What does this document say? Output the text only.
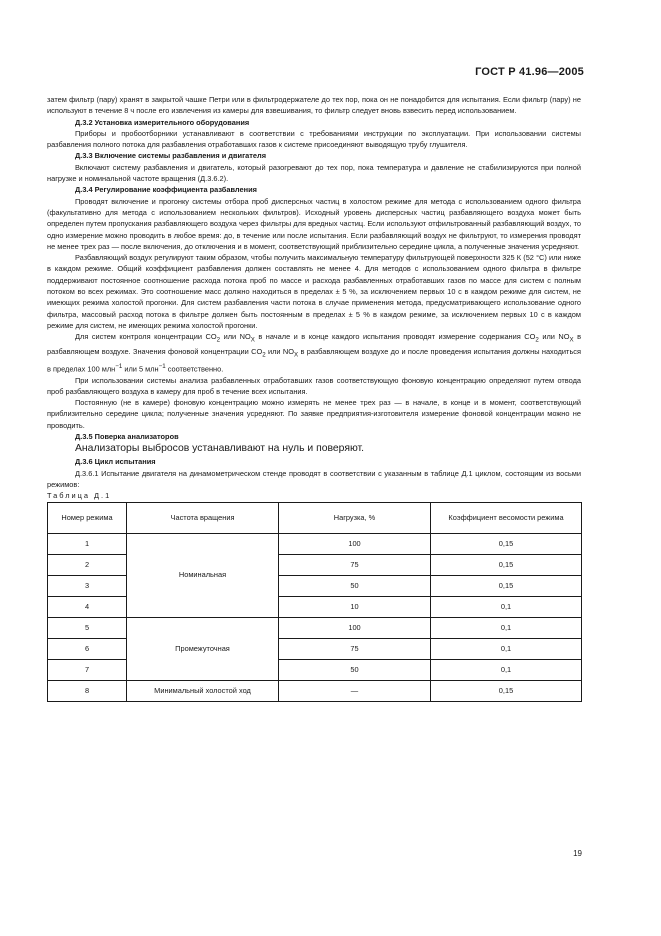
ГОСТ Р 41.96—2005

затем фильтр (пару) хранят в закрытой чашке Петри или в фильтродержателе до тех пор, пока он не понадобится для испытания. Если фильтр (пару) не используют в течение 8 ч после его извлечения из камеры для взвешивания, то фильтр следует вновь взвесить перед использованием.

Д.3.2 Установка измерительного оборудования

Приборы и пробоотборники устанавливают в соответствии с требованиями инструкции по эксплуатации. При использовании системы разбавления полного потока для разбавления отработавших газов к системе присоединяют выводящую трубу глушителя.

Д.3.3 Включение системы разбавления и двигателя

Включают систему разбавления и двигатель, который разогревают до тех пор, пока температура и давление не стабилизируются при полной нагрузке и номинальной частоте вращения (Д.3.6.2).

Д.3.4 Регулирование коэффициента разбавления

Проводят включение и прогонку системы отбора проб дисперсных частиц в холостом режиме для метода с использованием одного фильтра (факультативно для метода с использованием нескольких фильтров). Исходный уровень дисперсных частиц разбавляющего воздуха может быть определен путем пропускания разбавляющего воздуха через фильтры для вредных частиц. Если используют отфильтрованный разбавляющий воздух, то одно измерение можно проводить в любое время: до, в течение или после испытания. Если разбавляющий воздух не фильтруют, то измерения проводят не менее трех раз — после включения, до отключения и в момент, соответствующий приблизительно середине цикла, а полученные значения усредняют.

Разбавляющий воздух регулируют таким образом, чтобы получить максимальную температуру фильтрующей поверхности 325 К (52 °С) или ниже в каждом режиме. Общий коэффициент разбавления должен составлять не менее 4. Для методов с использованием одного фильтра в фильтре поддерживают постоянное соотношение расхода потока проб по массе и расхода разбавленных отработавших газов по массе для систем с полным потоком во всех режимах. Это соотношение масс должно находиться в пределах ± 5 %, за исключением первых 10 с в каждом режиме для систем, не имеющих режима холостой прогонки. Для систем разбавления части потока в случае применения метода, предусматривающего использование одного фильтра, массовый расход потока в фильтре должен быть постоянным в пределах ± 5 % в каждом режиме, за исключением первых 10 с в каждом режиме для систем, не имеющих режима холостой прогонки.

Для систем контроля концентрации $CO_2$ или $NO_X$ в начале и в конце каждого испытания проводят измерение содержания $CO_2$ или $NO_X$ в разбавляющем воздухе. Значения фоновой концентрации $CO_2$ или $NO_X$ в разбавляющем воздухе до и после проведения испытания должны находиться в пределах 100 млн$^{-1}$ или 5 млн$^{-1}$ соответственно.

При использовании системы анализа разбавленных отработавших газов соответствующую фоновую концентрацию определяют путем отвода проб разбавляющего воздуха в камеру для проб в течение всех испытания.

Постоянную (не в камере) фоновую концентрацию можно измерять не менее трех раз — в начале, в конце и в момент, соответствующий приблизительно середине цикла; полученные значения усредняют. По заявке предприятия-изготовителя измерение фоновой концентрации можно не проводить.

Д.3.5 Поверка анализаторов

Анализаторы выбросов устанавливают на нуль и поверяют.

Д.3.6 Цикл испытания

Д.3.6.1 Испытание двигателя на динамометрическом стенде проводят в соответствии с указанным в таблице Д.1 циклом, состоящим из восьми режимов:

Таблица Д.1

Номер режима	Частота вращения	Нагрузка, %	Коэффициент весомости режима
1	Номинальная	100	0,15
2		75	0,15
3		50	0,15
4		10	0,1
5	Промежуточная	100	0,1
6		75	0,1
7		50	0,1
8	Минимальный холостой ход	—	0,15
19
